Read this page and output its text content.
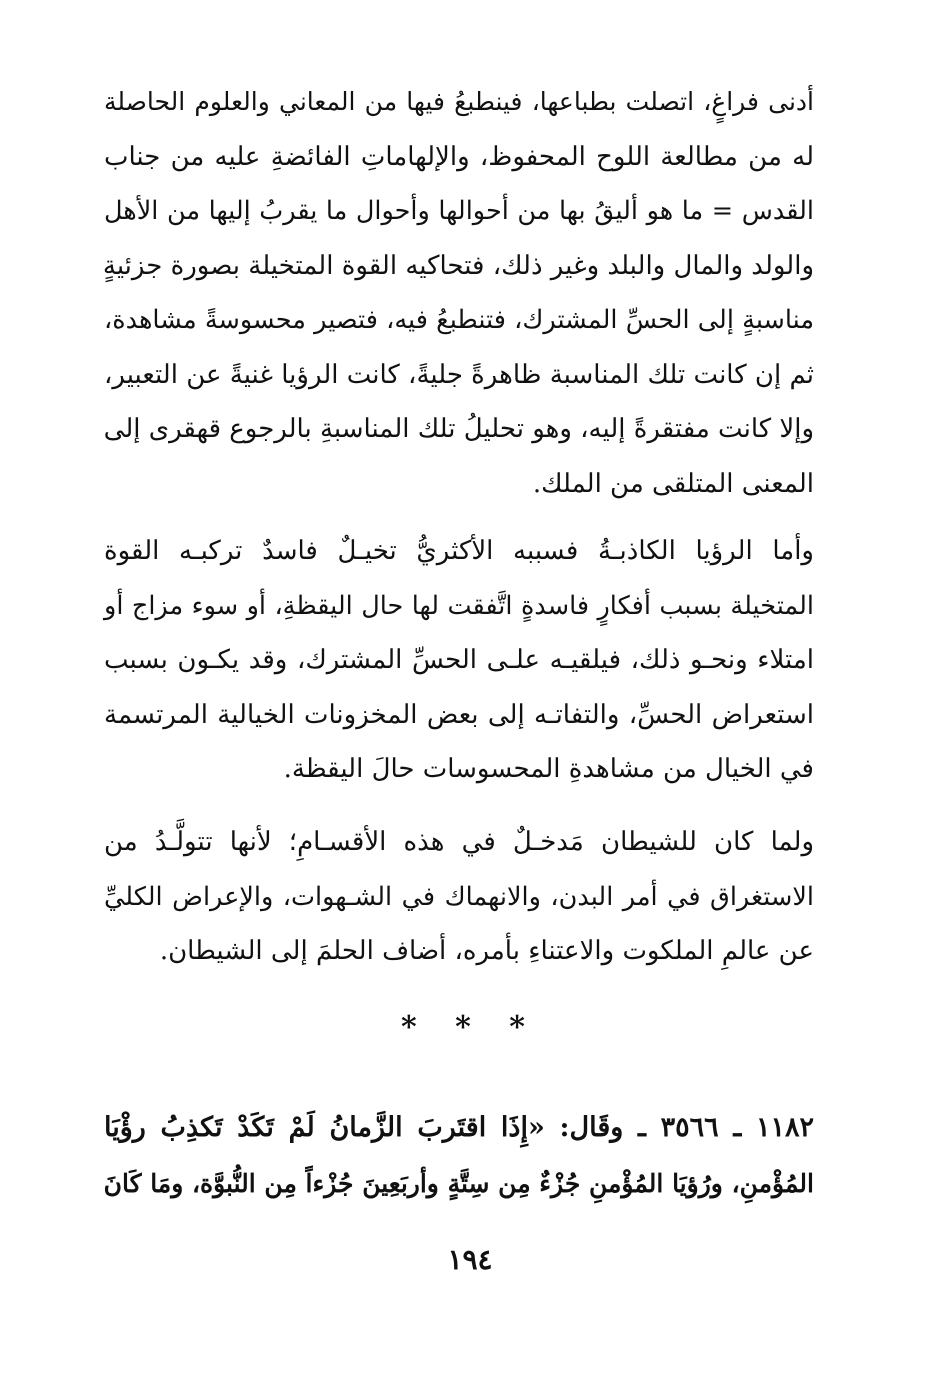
أدنى فراغٍ، اتصلت بطباعها، فينطبعُ فيها من المعاني والعلوم الحاصلة
له من مطالعة اللوح المحفوظ، والإلهاماتِ الفائضةِ عليه من جناب
القدس = ما هو أليقُ بها من أحوالها وأحوال ما يقربُ إليها من الأهل
والولد والمال والبلد وغير ذلك، فتحاكيه القوة المتخيلة بصورة جزئيةٍ
مناسبةٍ إلى الحسِّ المشترك، فتنطبعُ فيه، فتصير محسوسةً مشاهدة،
ثم إن كانت تلك المناسبة ظاهرةً جليةً، كانت الرؤيا غنيةً عن التعبير،
وإلا كانت مفتقرةً إليه، وهو تحليلُ تلك المناسبةِ بالرجوع قهقرى إلى
المعنى المتلقى من الملك.
وأما الرؤيا الكاذبـةُ فسببه الأكثريُّ تخيـلٌ فاسدٌ تركبـه القوة
المتخيلة بسبب أفكارٍ فاسدةٍ اتَّفقت لها حال اليقظةِ، أو سوء مزاج أو
امتلاء ونحـو ذلك، فيلقيـه علـى الحسِّ المشترك، وقد يكـون بسبب
استعراض الحسِّ، والتفاتـه إلى بعض المخزونات الخيالية المرتسمة
في الخيال من مشاهدةِ المحسوسات حالَ اليقظة.
ولما كان للشيطان مَدخـلٌ في هذه الأقسـامِ؛ لأنها تتولَّـدُ من
الاستغراق في أمر البدن، والانهماك في الشـهوات، والإعراض الكليِّ
عن عالمِ الملكوت والاعتناءِ بأمره، أضاف الحلمَ إلى الشيطان.
* * *
١١٨٢ ـ ٣٥٦٦ ـ وقَال: «إِذَا اقتَربَ الزَّمانُ لَمْ تَكَدْ تَكذِبُ رؤْيَا
المُؤْمنِ، ورُؤيَا المُؤْمنِ جُزْءٌ مِن سِتَّةٍ وأربَعِينَ جُزْءاً مِن النُّبوَّة، ومَا كَانَ
١٩٤
